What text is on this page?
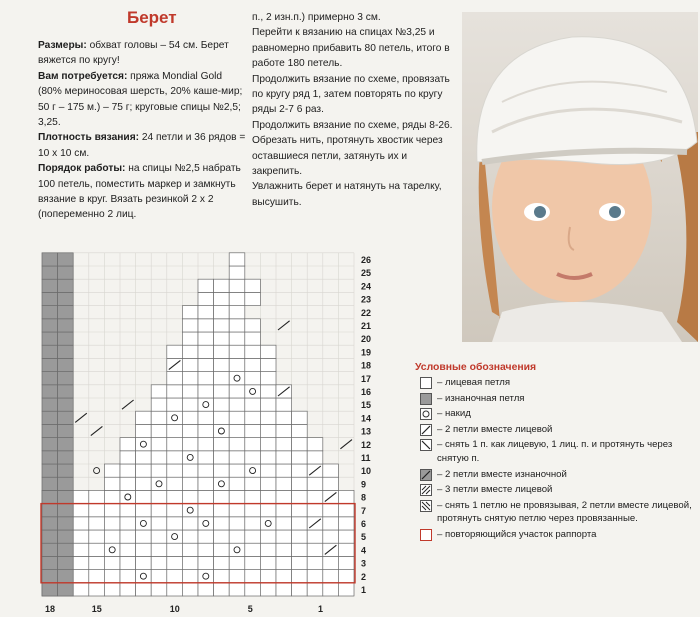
Берет

Размеры: обхват головы – 54 см. Берет вяжется по кругу!

Вам потребуется: пряжа Mondial Gold (80% мериносовая шерсть, 20% каше-мир; 50 г – 175 м.) – 75 г; круговые спицы №2,5; 3,25.

Плотность вязания: 24 петли и 36 рядов = 10 х 10 см.

Порядок работы: на спицы №2,5 набрать 100 петель, поместить маркер и замкнуть вязание в круг. Вязать резинкой 2 х 2 (попеременно 2 лиц.

п., 2 изн.п.) примерно 3 см.

Перейти к вязанию на спицах №3,25 и равномерно прибавить 80 петель, итого в работе 180 петель.

Продолжить вязание по схеме, провязать по кругу ряд 1, затем повторять по кругу ряды 2-7 6 раз.

Продолжить вязание по схеме, ряды 8-26.

Обрезать нить, протянуть хвостик через оставшиеся петли, затянуть их и закрепить.

Увлажнить берет и натянуть на тарелку, высушить.

Условные обозначения
– лицевая петля
– изнаночная петля
– накид
– 2 петли вместе лицевой
– снять 1 п. как лицевую, 1 лиц. п. и протянуть через снятую п.
– 2 петли вместе изнаночной
– 3 петли вместе лицевой
– снять 1 петлю не провязывая, 2 петли вместе лицевой, протянуть снятую петлю через провязанные.
– повторяющийся участок раппорта
1
2
3
4
5
6
7
8
9
10
11
12
13
14
15
16
17
18
19
20
21
22
23
24
25
26
18	15	10	5	1
